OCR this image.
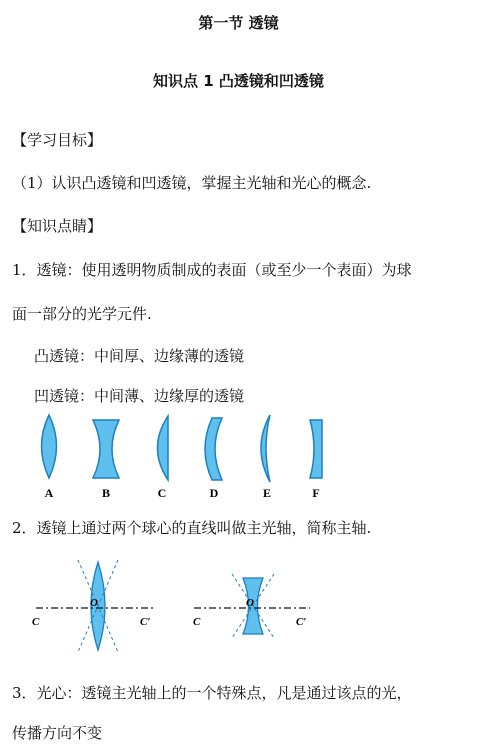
第一节 透镜
知识点 1 凸透镜和凹透镜
【学习目标】
（1）认识凸透镜和凹透镜，掌握主光轴和光心的概念.
【知识点睛】
1．透镜：使用透明物质制成的表面（或至少一个表面）为球
面一部分的光学元件.
凸透镜：中间厚、边缘薄的透镜
凹透镜：中间薄、边缘厚的透镜
A	B	C	D	E	F
2．透镜上通过两个球心的直线叫做主光轴，简称主轴.
O
C	C′
O
C	C′
3．光心：透镜主光轴上的一个特殊点，凡是通过该点的光，
传播方向不变
